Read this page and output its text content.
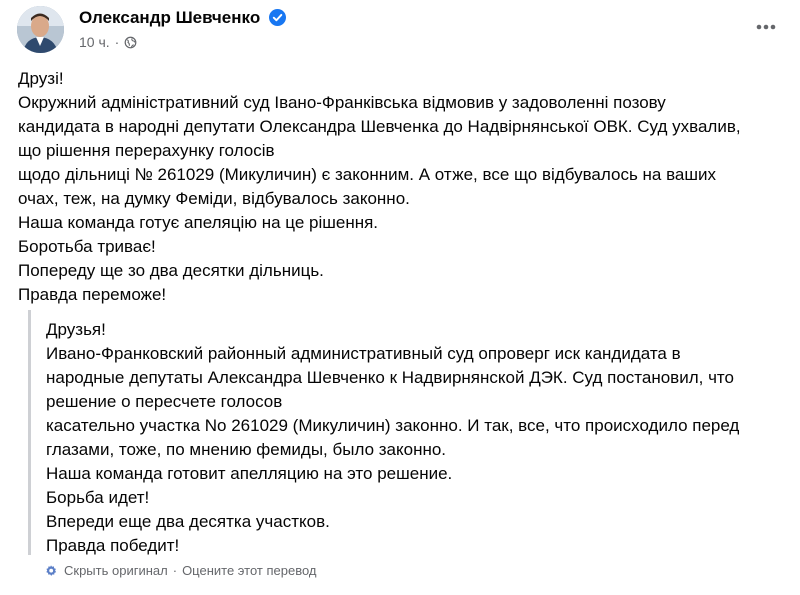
Олександр Шевченко
10 ч. ·
Друзі!
Окружний адміністративний суд Івано-Франківська відмовив у задоволенні позову
кандидата в народні депутати Олександра Шевченка до Надвірнянської ОВК. Суд ухвалив,
що рішення перерахунку голосів
щодо дільниці № 261029 (Микуличин) є законним. А отже, все що відбувалось на ваших
очах, теж, на думку Феміди, відбувалось законно.
Наша команда готує апеляцію на це рішення.
Боротьба триває!
Попереду ще зо два десятки дільниць.
Правда переможе!
Друзья!
Ивано-Франковский районный административный суд опроверг иск кандидата в
народные депутаты Александра Шевченко к Надвирнянской ДЭК. Суд постановил, что
решение о пересчете голосов
касательно участка No 261029 (Микуличин) законно. И так, все, что происходило перед
глазами, тоже, по мнению фемиды, было законно.
Наша команда готовит апелляцию на это решение.
Борьба идет!
Впереди еще два десятка участков.
Правда победит!
Скрыть оригинал · Оцените этот перевод
